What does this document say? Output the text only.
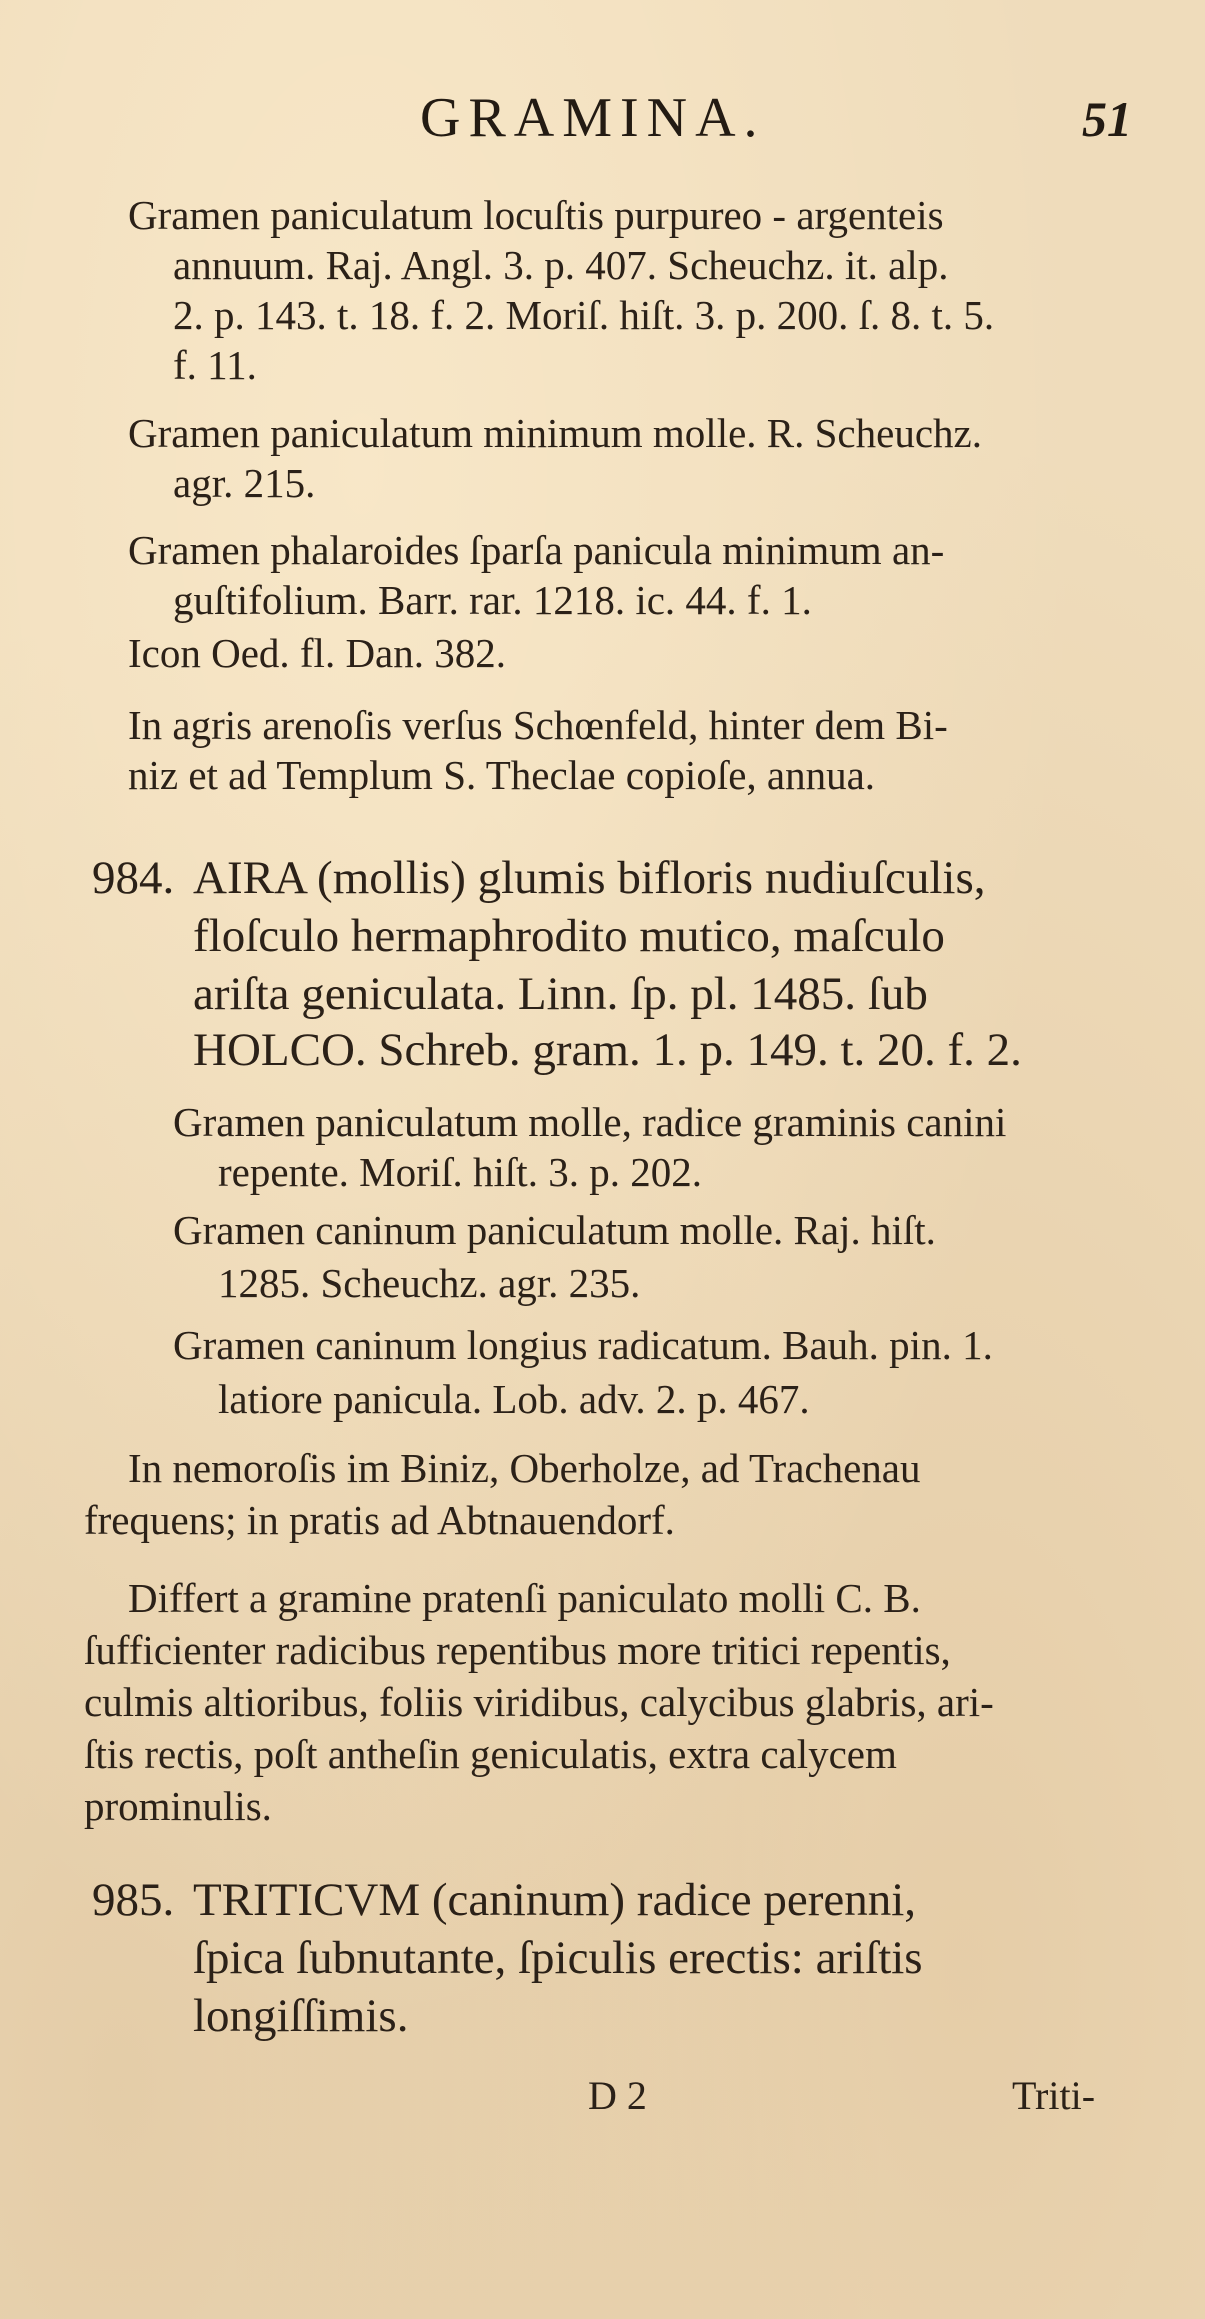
GRAMINA.	51
Gramen paniculatum locuſtis purpureo - argenteis
annuum. Raj. Angl. 3. p. 407. Scheuchz. it. alp.
2. p. 143. t. 18. f. 2. Moriſ. hiſt. 3. p. 200. ſ. 8. t. 5.
f. 11.
Gramen paniculatum minimum molle. R. Scheuchz.
agr. 215.
Gramen phalaroides ſparſa panicula minimum an-
guſtifolium. Barr. rar. 1218. ic. 44. f. 1.
Icon Oed. fl. Dan. 382.
In agris arenoſis verſus Schœnfeld, hinter dem Bi-
niz et ad Templum S. Theclae copioſe, annua.
984. AIRA (mollis) glumis bifloris nudiuſculis,
floſculo hermaphrodito mutico, maſculo
ariſta geniculata. Linn. ſp. pl. 1485. ſub
HOLCO. Schreb. gram. 1. p. 149. t. 20. f. 2.
Gramen paniculatum molle, radice graminis canini
repente. Moriſ. hiſt. 3. p. 202.
Gramen caninum paniculatum molle. Raj. hiſt.
1285. Scheuchz. agr. 235.
Gramen caninum longius radicatum. Bauh. pin. 1.
latiore panicula. Lob. adv. 2. p. 467.
In nemoroſis im Biniz, Oberholze, ad Trachenau
frequens; in pratis ad Abtnauendorf.
Differt a gramine pratenſi paniculato molli C. B.
ſufficienter radicibus repentibus more tritici repentis,
culmis altioribus, foliis viridibus, calycibus glabris, ari-
ſtis rectis, poſt antheſin geniculatis, extra calycem
prominulis.
985. TRITICVM (caninum) radice perenni,
ſpica ſubnutante, ſpiculis erectis: ariſtis
longiſſimis.
D 2	Triti-
